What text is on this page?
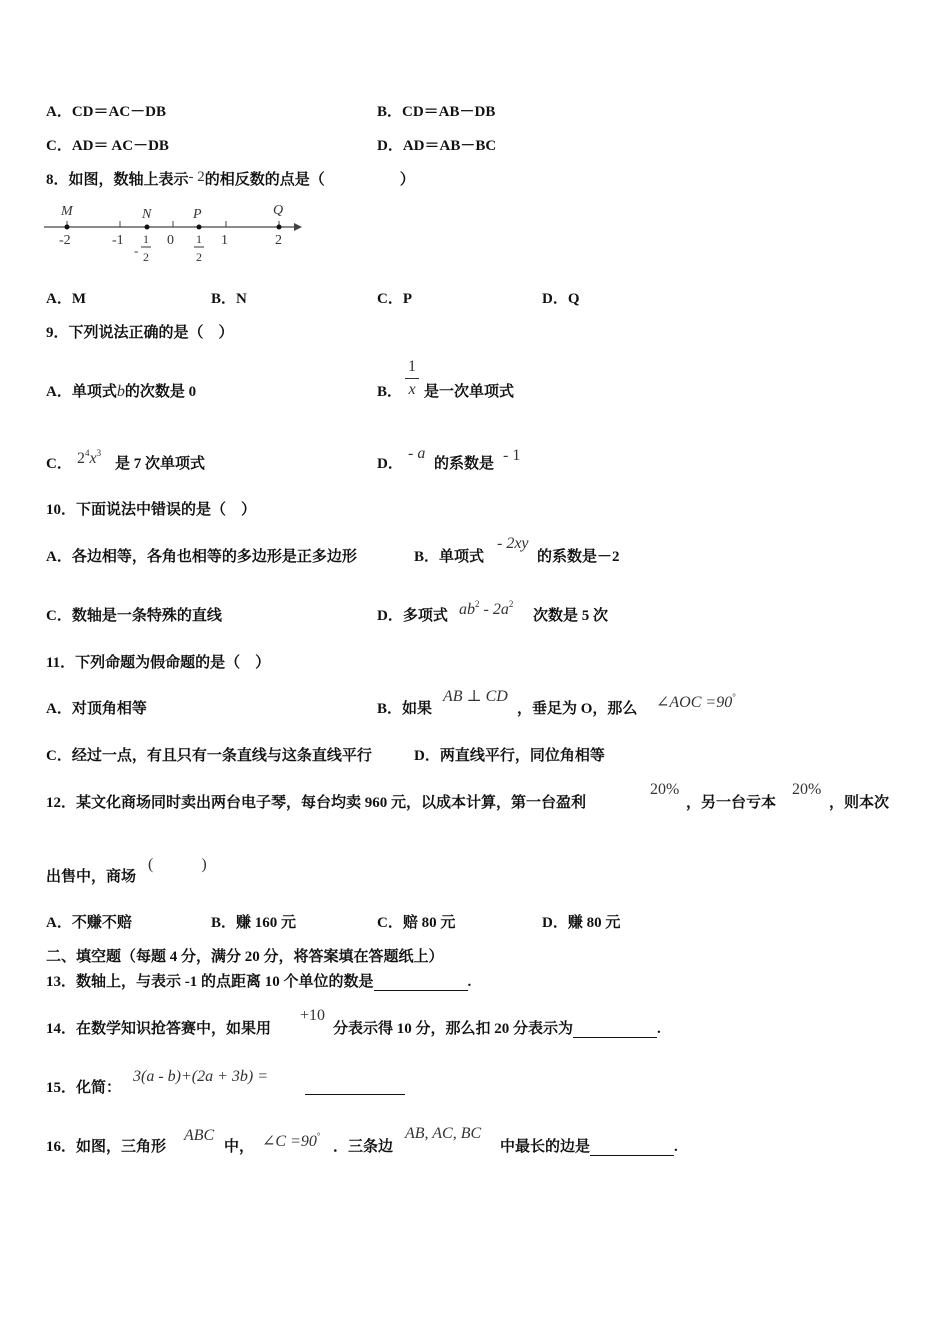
A．CD＝AC－DB	B．CD＝AB－DB
C．AD＝ AC－DB	D．AD＝AB－BC
8．如图，数轴上表示- 2的相反数的点是（　　　　　）
M	N	P	Q
-2	-1	0	1	2
-
1
2
1
2
A．M	B．N	C．P	D．Q
9．下列说法正确的是（　）
A．单项式b的次数是 0	B．
1
x 是一次单项式
C． $2^4x^3$
是 7 次单项式	D．
- a
的系数是 - 1
10．下面说法中错误的是（　）
A．各边相等，各角也相等的多边形是正多边形	B．单项式
- 2xy
的系数是－2
C．数轴是一条特殊的直线	D．多项式 $ab^2 - 2a^2$
次数是 5 次
11．下列命题为假命题的是（　）
A．对顶角相等	B．如果
AB ⊥ CD
，垂足为 O，那么 ∠AOC =90°
C．经过一点，有且只有一条直线与这条直线平行	D．两直线平行，同位角相等
12．某文化商场同时卖出两台电子琴，每台均卖 960 元，以成本计算，第一台盈利
20%
，另一台亏本
20%
，则本次
出售中，商场
(　　　)
A．不赚不赔	B．赚 160 元	C．赔 80 元	D．赚 80 元
二、填空题（每题 4 分，满分 20 分，将答案填在答题纸上）
13．数轴上，与表示 -1 的点距离 10 个单位的数是	.
14．在数学知识抢答赛中，如果用
+10
分表示得 10 分，那么扣 20 分表示为	.
15．化简：
3(a - b)+(2a + 3b) =
16．如图，三角形
ABC
中， ∠C =90°
．三条边
AB, AC, BC
中最长的边是	.
